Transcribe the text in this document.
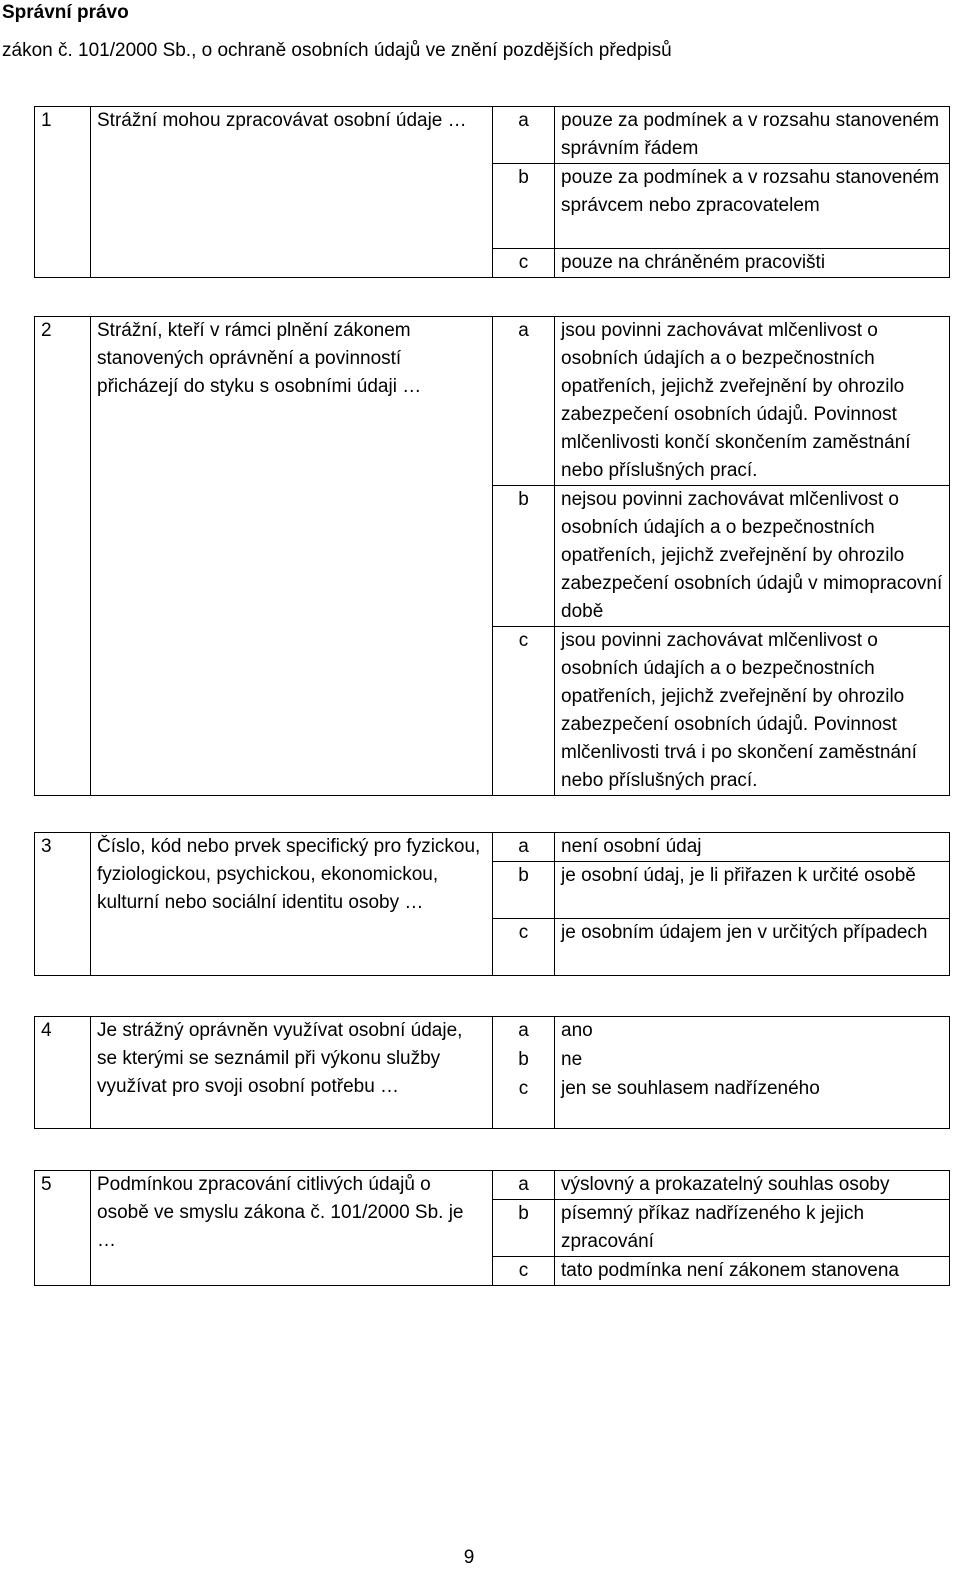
Správní právo
zákon č. 101/2000 Sb., o ochraně osobních údajů ve znění pozdějších předpisů
1	Strážní mohou zpracovávat osobní údaje …	a	pouze za podmínek a v rozsahu stanoveném správním řádem
		b	pouze za podmínek a v rozsahu stanoveném správcem nebo zpracovatelem
		c	pouze na chráněném pracovišti
2	Strážní, kteří v rámci plnění zákonem stanovených oprávnění a povinností přicházejí do styku s osobními údaji …	a	jsou povinni zachovávat mlčenlivost o osobních údajích a o bezpečnostních opatřeních, jejichž zveřejnění by ohrozilo zabezpečení osobních údajů. Povinnost mlčenlivosti končí skončením zaměstnání nebo příslušných prací.
		b	nejsou povinni zachovávat mlčenlivost o osobních údajích a o bezpečnostních opatřeních, jejichž zveřejnění by ohrozilo zabezpečení osobních údajů v mimopracovní době
		c	jsou povinni zachovávat mlčenlivost o osobních údajích a o bezpečnostních opatřeních, jejichž zveřejnění by ohrozilo zabezpečení osobních údajů. Povinnost mlčenlivosti trvá i po skončení zaměstnání nebo příslušných prací.
3	Číslo, kód nebo prvek specifický pro fyzickou, fyziologickou, psychickou, ekonomickou, kulturní nebo sociální identitu osoby …	a	není osobní údaj
		b	je osobní údaj, je li přiřazen k určité osobě
		c	je osobním údajem jen v určitých případech
4	Je strážný oprávněn využívat osobní údaje, se kterými se seznámil při výkonu služby využívat pro svoji osobní potřebu …	a	ano
		b	ne
		c	jen se souhlasem nadřízeného
5	Podmínkou zpracování citlivých údajů o osobě ve smyslu zákona č. 101/2000 Sb. je …	a	výslovný a prokazatelný souhlas osoby
		b	písemný příkaz nadřízeného k jejich zpracování
		c	tato podmínka není zákonem stanovena
9
